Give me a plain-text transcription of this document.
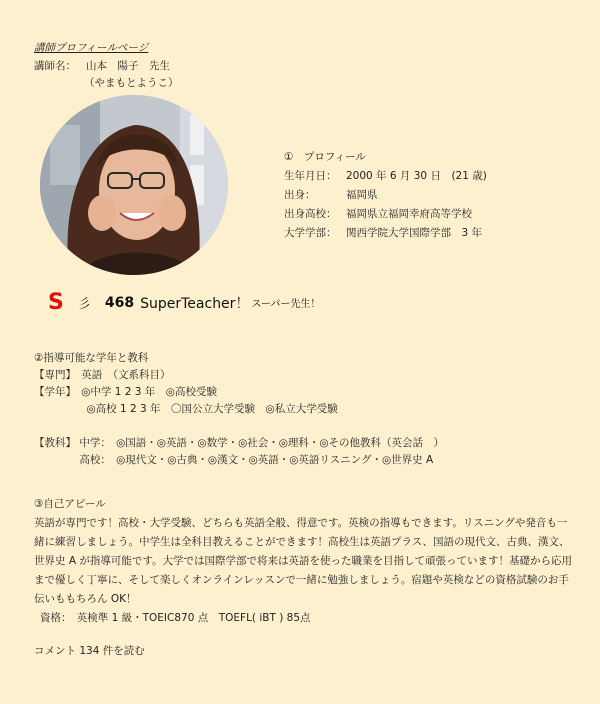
講師プロフィールページ
講師名： 山本　陽子　先生
（やまもとようこ）
①　プロフィール
生年月日： 2000 年 6 月 30 日　(21 歳)
出身：	福岡県
出身高校： 福岡県立福岡幸府高等学校
大学学部： 関西学院大学国際学部　3 年
S 彡 468 SuperTeacher！ スーパー先生！
②指導可能な学年と教科
【専門】　英語　（文系科目）
【学年】　◎中学 1 2 3 年　◎高校受験
　　　　　◎高校 1 2 3 年　〇国公立大学受験　◎私立大学受験
【教科】 中学：　◎国語・◎英語・◎数学・◎社会・◎理科・◎その他教科（英会話　）
　　　　 高校：　◎現代文・◎古典・◎漢文・◎英語・◎英語リスニング・◎世界史 A
③自己アピール
英語が専門です！高校・大学受験、どちらも英語全般、得意です。英検の指導もできます。リスニングや発音も一緒に練習しましょう。中学生は全科目教えることができます！高校生は英語プラス、国語の現代文、古典、漢文、世界史 A が指導可能です。大学では国際学部で将来は英語を使った職業を目指して頑張っています！基礎から応用まで優しく丁寧に、そして楽しくオンラインレッスンで一緒に勉強しましょう。宿題や英検などの資格試験のお手伝いももちろん OK！
資格：　英検準 1 級・TOEIC870 点　TOEFL( iBT ) 85点
コメント 134 件を読む
